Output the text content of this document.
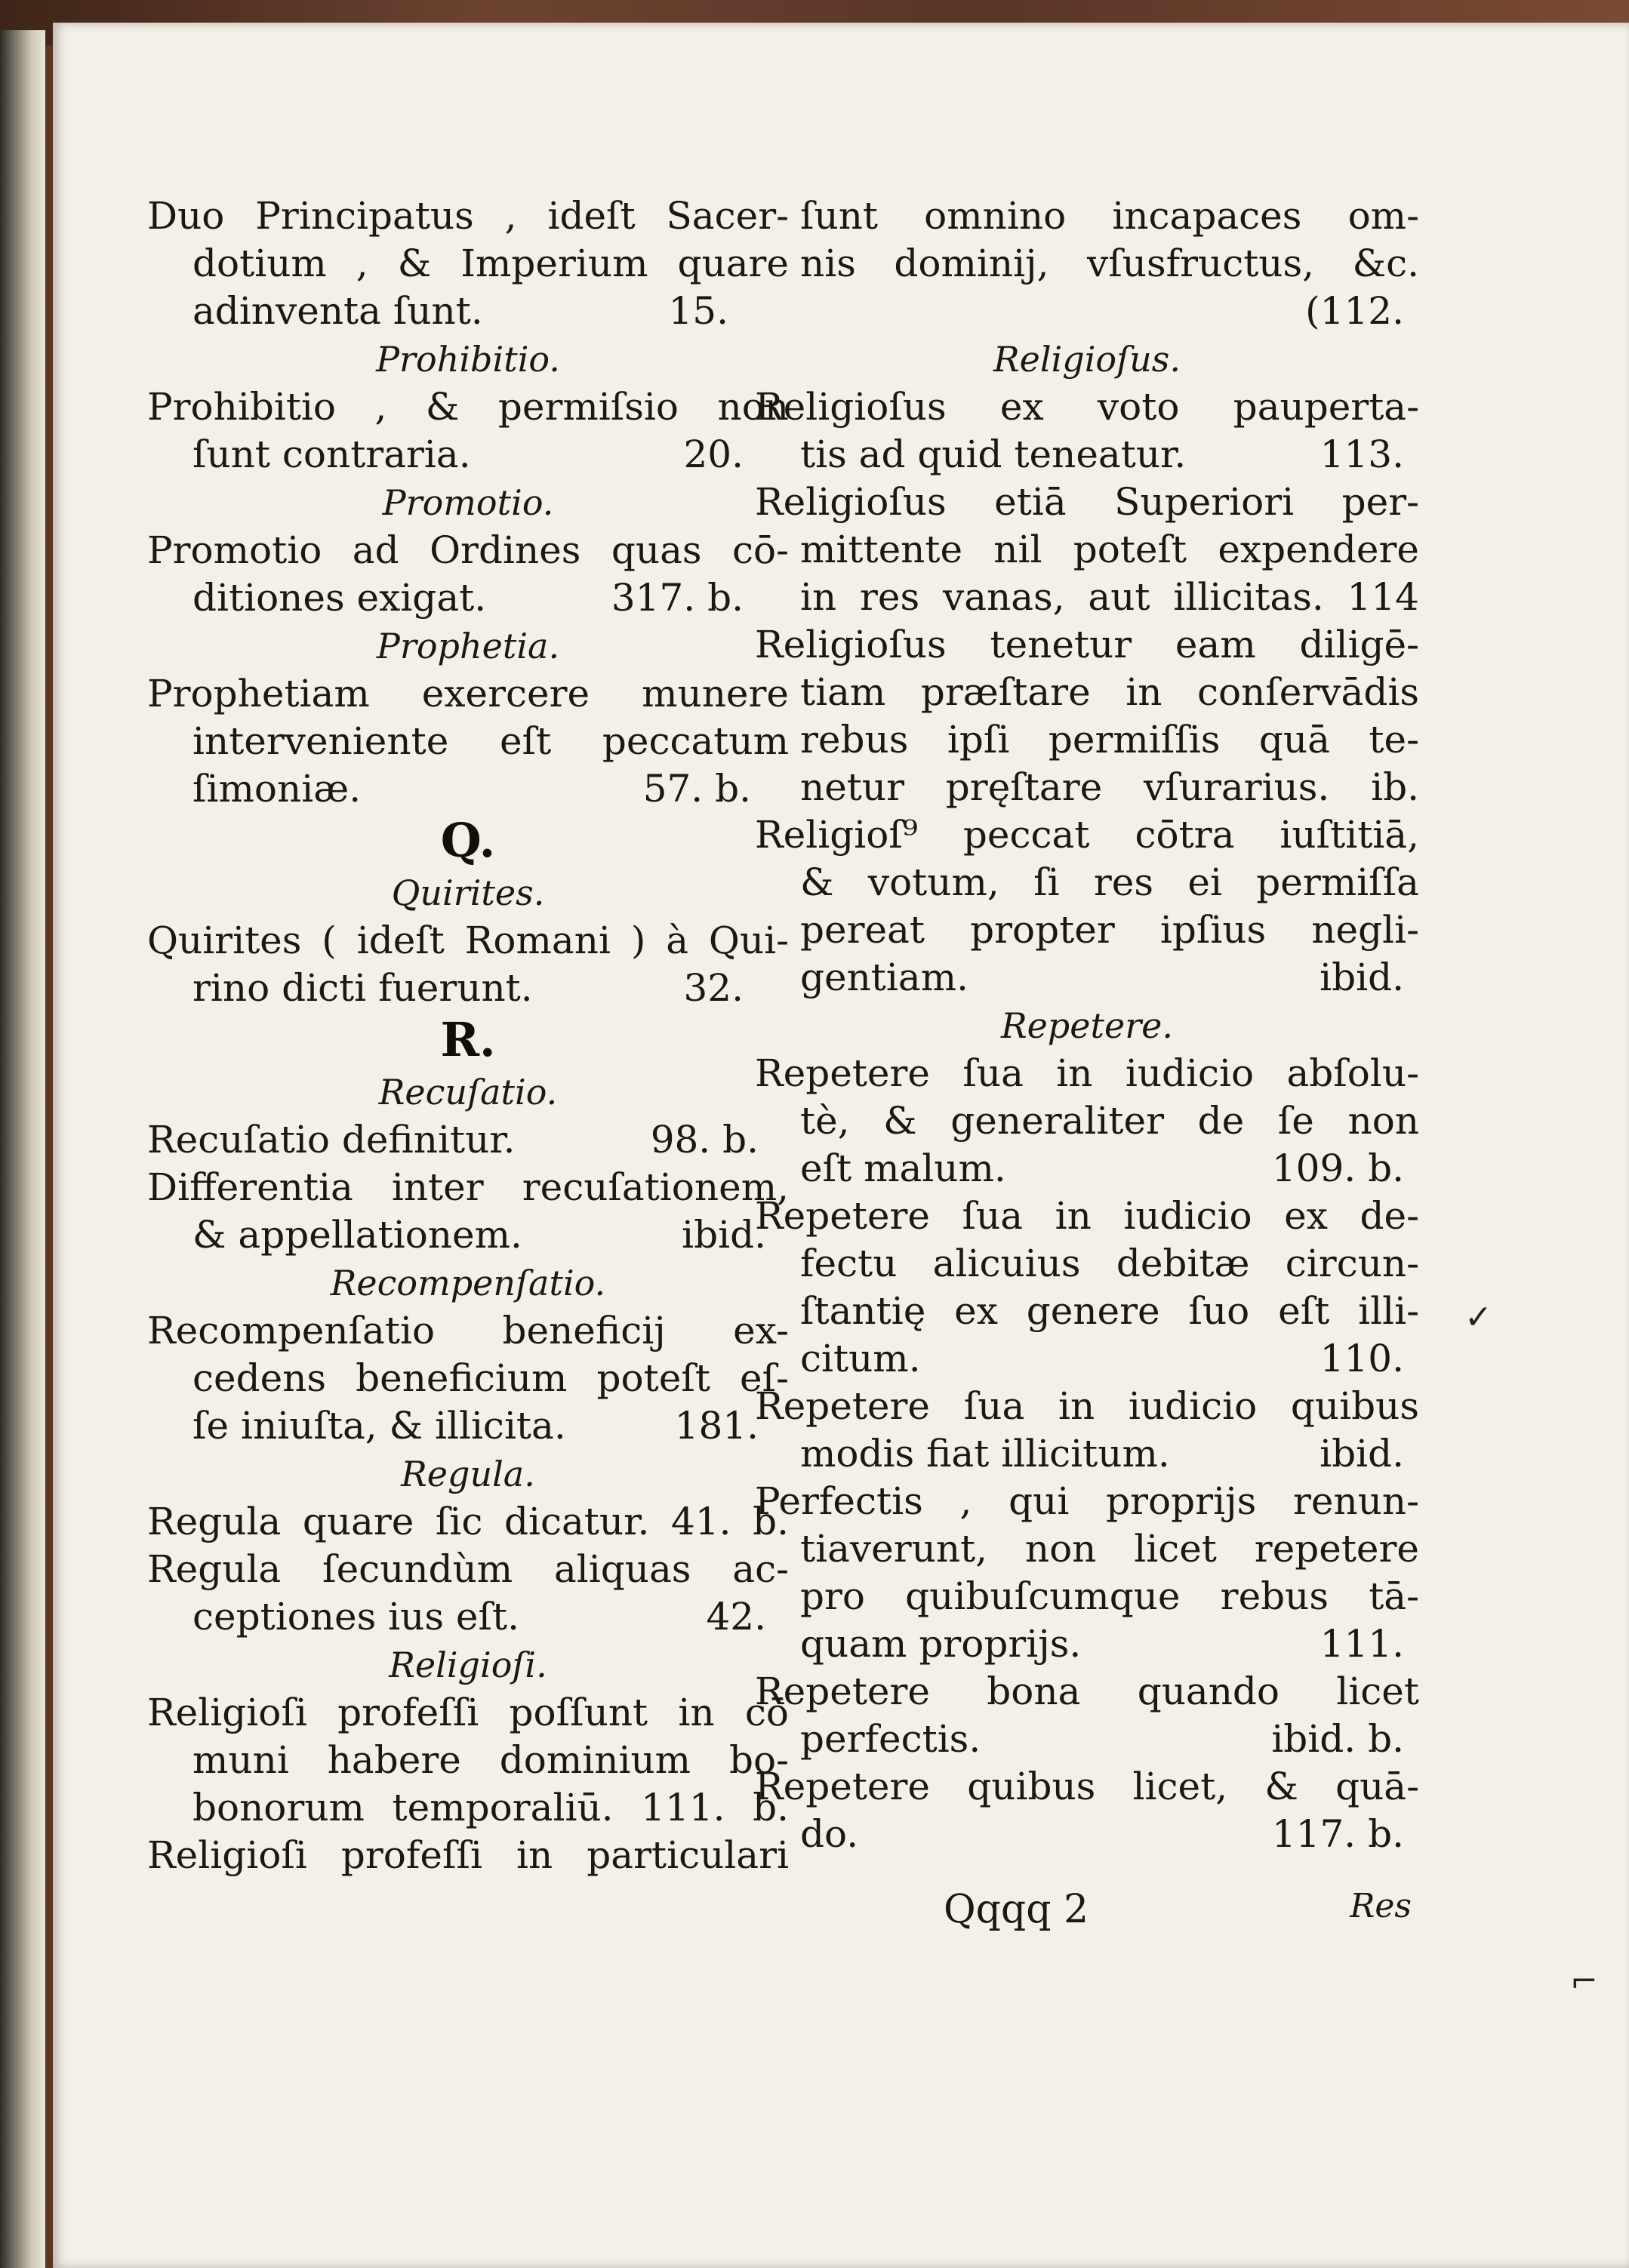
Duo Principatus , ideſt Sacer-
dotium , & Imperium quare
adinventa ſunt.	15.
Prohibitio.
Prohibitio , & permiſsio non
ſunt contraria.	20.
Promotio.
Promotio ad Ordines quas cō-
ditiones exigat.	317. b.
Prophetia.
Prophetiam exercere munere
interveniente eſt peccatum
ſimoniæ.	57. b.
Q.
Quirites.
Quirites ( ideſt Romani ) à Qui-
rino dicti fuerunt.	32.
R.
Recuſatio.
Recuſatio definitur.	98. b.
Differentia inter recuſationem,
& appellationem.	ibid.
Recompenſatio.
Recompenſatio beneficij ex-
cedens beneficium poteſt eſ-
ſe iniuſta, & illicita.	181.
Regula.
Regula quare ſic dicatur. 41. b.
Regula ſecundùm aliquas ac-
ceptiones ius eſt.	42.
Religioſi.
Religioſi profeſſi poſſunt in cō
muni habere dominium bo-
bonorum temporaliū. 111. b.
Religioſi profeſſi in particulari
ſunt omnino incapaces om-
nis dominij, vſusfructus, &c.
(112.
Religioſus.
Religioſus ex voto pauperta-
tis ad quid teneatur.	113.
Religioſus etiā Superiori per-
mittente nil poteſt expendere
in res vanas, aut illicitas. 114
Religioſus tenetur eam diligē-
tiam præſtare in conſervādis
rebus ipſi permiſſis quā te-
netur pręſtare vſurarius. ib.
Religioſ⁹ peccat cōtra iuſtitiā,
& votum, ſi res ei permiſſa
pereat propter ipſius negli-
gentiam.	ibid.
Repetere.
Repetere ſua in iudicio abſolu-
tè, & generaliter de ſe non
eſt malum.	109. b.
Repetere ſua in iudicio ex de-
fectu alicuius debitæ circun-
ſtantię ex genere ſuo eſt illi-
citum.	110.
Repetere ſua in iudicio quibus
modis fiat illicitum.	ibid.
Perfectis , qui proprijs renun-
tiaverunt, non licet repetere
pro quibuſcumque rebus tā-
quam proprijs.	111.
Repetere bona quando licet
perfectis.	ibid. b.
Repetere quibus licet, & quā-
do.	117. b.
Qqqq 2	Res
✓
⌐
